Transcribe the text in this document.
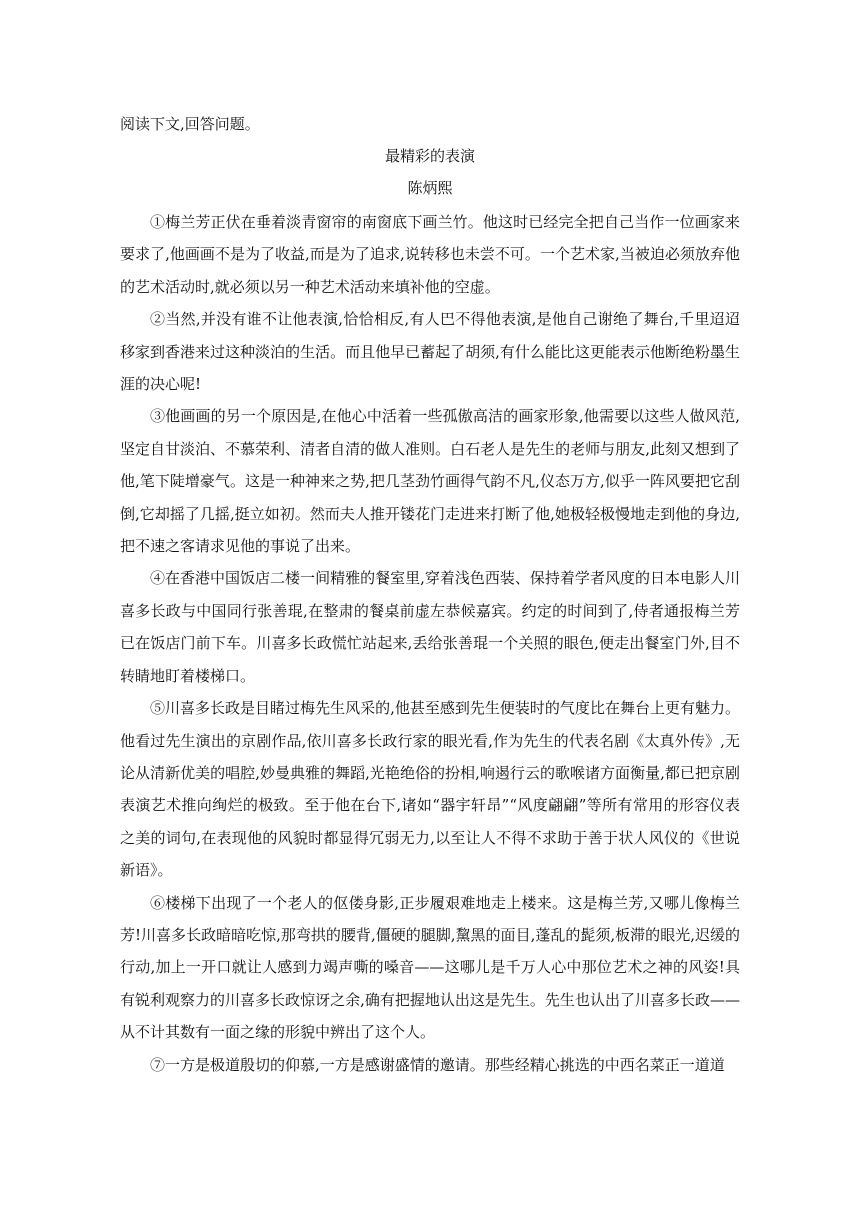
阅读下文,回答问题。
最精彩的表演
陈炳熙

①梅兰芳正伏在垂着淡青窗帘的南窗底下画兰竹。他这时已经完全把自己当作一位画家来要求了,他画画不是为了收益,而是为了追求,说转移也未尝不可。一个艺术家,当被迫必须放弃他的艺术活动时,就必须以另一种艺术活动来填补他的空虚。

②当然,并没有谁不让他表演,恰恰相反,有人巴不得他表演,是他自己谢绝了舞台,千里迢迢移家到香港来过这种淡泊的生活。而且他早已蓄起了胡须,有什么能比这更能表示他断绝粉墨生涯的决心呢!

③他画画的另一个原因是,在他心中活着一些孤傲高洁的画家形象,他需要以这些人做风范,坚定自甘淡泊、不慕荣利、清者自清的做人准则。白石老人是先生的老师与朋友,此刻又想到了他,笔下陡增豪气。这是一种神来之势,把几茎劲竹画得气韵不凡,仪态万方,似乎一阵风要把它刮倒,它却摇了几摇,挺立如初。然而夫人推开镂花门走进来打断了他,她极轻极慢地走到他的身边,把不速之客请求见他的事说了出来。

④在香港中国饭店二楼一间精雅的餐室里,穿着浅色西装、保持着学者风度的日本电影人川喜多长政与中国同行张善琨,在整肃的餐桌前虚左恭候嘉宾。约定的时间到了,侍者通报梅兰芳已在饭店门前下车。川喜多长政慌忙站起来,丢给张善琨一个关照的眼色,便走出餐室门外,目不转睛地盯着楼梯口。

⑤川喜多长政是目睹过梅先生风采的,他甚至感到先生便装时的气度比在舞台上更有魅力。他看过先生演出的京剧作品,依川喜多长政行家的眼光看,作为先生的代表名剧《太真外传》,无论从清新优美的唱腔,妙曼典雅的舞蹈,光艳绝俗的扮相,响遏行云的歌喉诸方面衡量,都已把京剧表演艺术推向绚烂的极致。至于他在台下,诸如“器宇轩昂”“风度翩翩”等所有常用的形容仪表之美的词句,在表现他的风貌时都显得冗弱无力,以至让人不得不求助于善于状人风仪的《世说新语》。

⑥楼梯下出现了一个老人的伛偻身影,正步履艰难地走上楼来。这是梅兰芳,又哪儿像梅兰芳!川喜多长政暗暗吃惊,那弯拱的腰背,僵硬的腿脚,黧黑的面目,蓬乱的髭须,板滞的眼光,迟缓的行动,加上一开口就让人感到力竭声嘶的嗓音——这哪儿是千万人心中那位艺术之神的风姿!具有锐利观察力的川喜多长政惊讶之余,确有把握地认出这是先生。先生也认出了川喜多长政——从不计其数有一面之缘的形貌中辨出了这个人。

⑦一方是极道殷切的仰慕,一方是感谢盛情的邀请。那些经精心挑选的中西名菜正一道道
